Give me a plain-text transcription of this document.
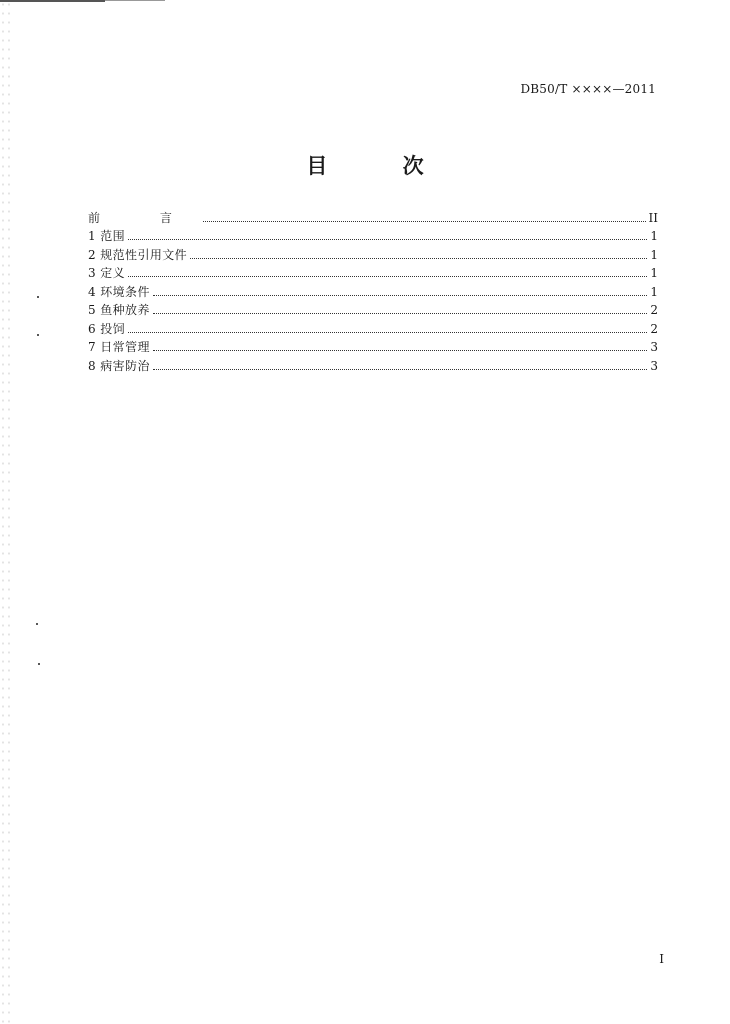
DB50/T ××××—2011
目 次
前 言	II
1 范围	1
2 规范性引用文件	1
3 定义	1
4 环境条件	1
5 鱼种放养	2
6 投饲	2
7 日常管理	3
8 病害防治	3
I
